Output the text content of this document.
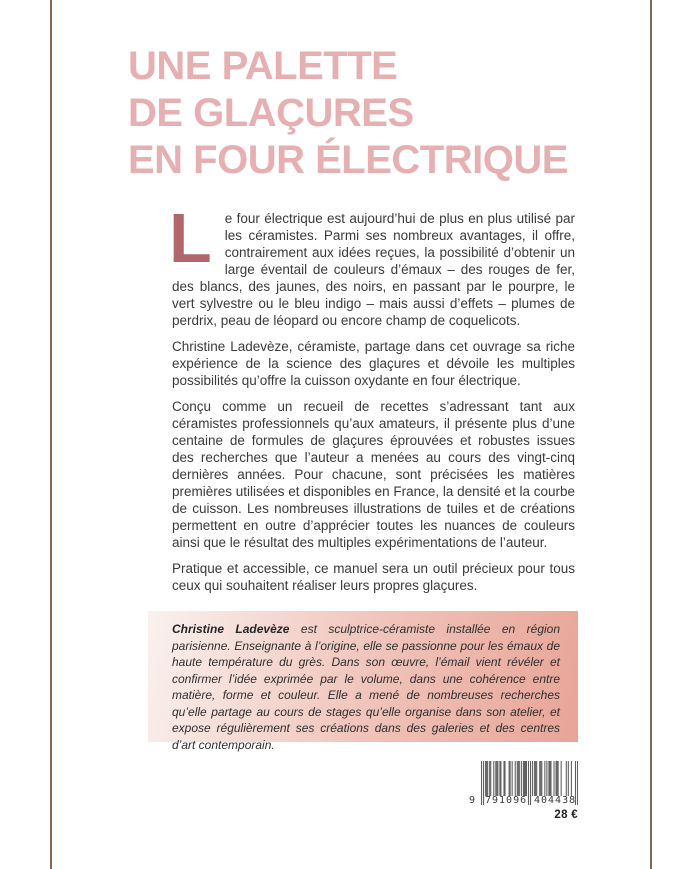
UNE PALETTE
DE GLAÇURES
EN FOUR ÉLECTRIQUE

Le four électrique est aujourd’hui de plus en plus utilisé par les céramistes. Parmi ses nombreux avantages, il offre, contrairement aux idées reçues, la possibilité d’obtenir un large éventail de couleurs d’émaux – des rouges de fer, des blancs, des jaunes, des noirs, en passant par le pourpre, le vert sylvestre ou le bleu indigo – mais aussi d’effets – plumes de perdrix, peau de léopard ou encore champ de coquelicots.

Christine Ladevèze, céramiste, partage dans cet ouvrage sa riche expérience de la science des glaçures et dévoile les multiples possibilités qu’offre la cuisson oxydante en four électrique.

Conçu comme un recueil de recettes s’adressant tant aux céramistes professionnels qu’aux amateurs, il présente plus d’une centaine de formules de glaçures éprouvées et robustes issues des recherches que l’auteur a menées au cours des vingt-cinq dernières années. Pour chacune, sont précisées les matières premières utilisées et disponibles en France, la densité et la courbe de cuisson. Les nombreuses illustrations de tuiles et de créations permettent en outre d’apprécier toutes les nuances de couleurs ainsi que le résultat des multiples expérimentations de l’auteur.

Pratique et accessible, ce manuel sera un outil précieux pour tous ceux qui souhaitent réaliser leurs propres glaçures.

Christine Ladevèze est sculptrice-céramiste installée en région parisienne. Enseignante à l’origine, elle se passionne pour les émaux de haute température du grès. Dans son œuvre, l’émail vient révéler et confirmer l’idée exprimée par le volume, dans une cohérence entre matière, forme et couleur. Elle a mené de nombreuses recherches qu’elle partage au cours de stages qu’elle organise dans son atelier, et expose régulièrement ses créations dans des galeries et des centres d’art contemporain.

9 791096 404438
28 €
